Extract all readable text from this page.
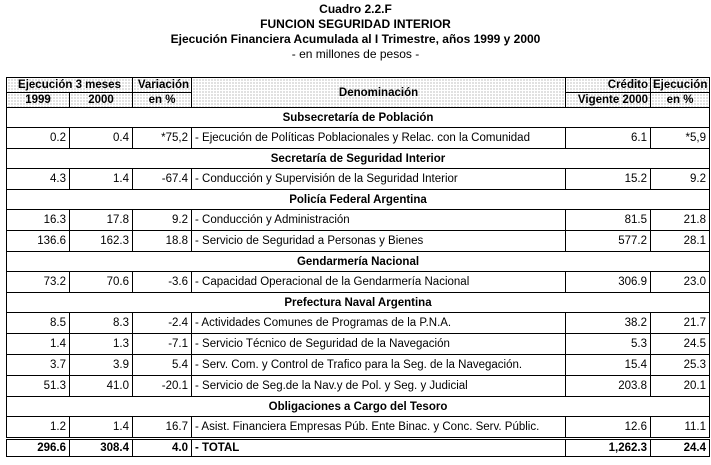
Cuadro 2.2.F
FUNCION SEGURIDAD INTERIOR
Ejecución Financiera Acumulada al I Trimestre, años 1999 y 2000
- en millones de pesos -
Ejecución 3 meses		Variación	Denominación	Crédito	Ejecución
1999	2000	en %		Vigente 2000	en %
Subsecretaría de Población					
0.2	0.4	*75,2	- Ejecución de Políticas Poblacionales y Relac. con la Comunidad	6.1	*5,9
Secretaría de Seguridad Interior					
4.3	1.4	-67.4	- Conducción y Supervisión de la Seguridad Interior	15.2	9.2
Policía Federal Argentina					
16.3	17.8	9.2	- Conducción y Administración	81.5	21.8
136.6	162.3	18.8	- Servicio de Seguridad a Personas y Bienes	577.2	28.1
Gendarmería Nacional					
73.2	70.6	-3.6	- Capacidad Operacional de la Gendarmería Nacional	306.9	23.0
Prefectura Naval Argentina					
8.5	8.3	-2.4	- Actividades Comunes de Programas de la P.N.A.	38.2	21.7
1.4	1.3	-7.1	- Servicio Técnico de Seguridad de la Navegación	5.3	24.5
3.7	3.9	5.4	- Serv. Com. y Control de Trafico para la Seg. de la Navegación.	15.4	25.3
51.3	41.0	-20.1	- Servicio de Seg.de la Nav.y de Pol. y Seg. y Judicial	203.8	20.1
Obligaciones a Cargo del Tesoro					
1.2	1.4	16.7	- Asist. Financiera Empresas Púb. Ente Binac. y Conc. Serv. Públic.	12.6	11.1
296.6	308.4	4.0	- TOTAL	1,262.3	24.4
